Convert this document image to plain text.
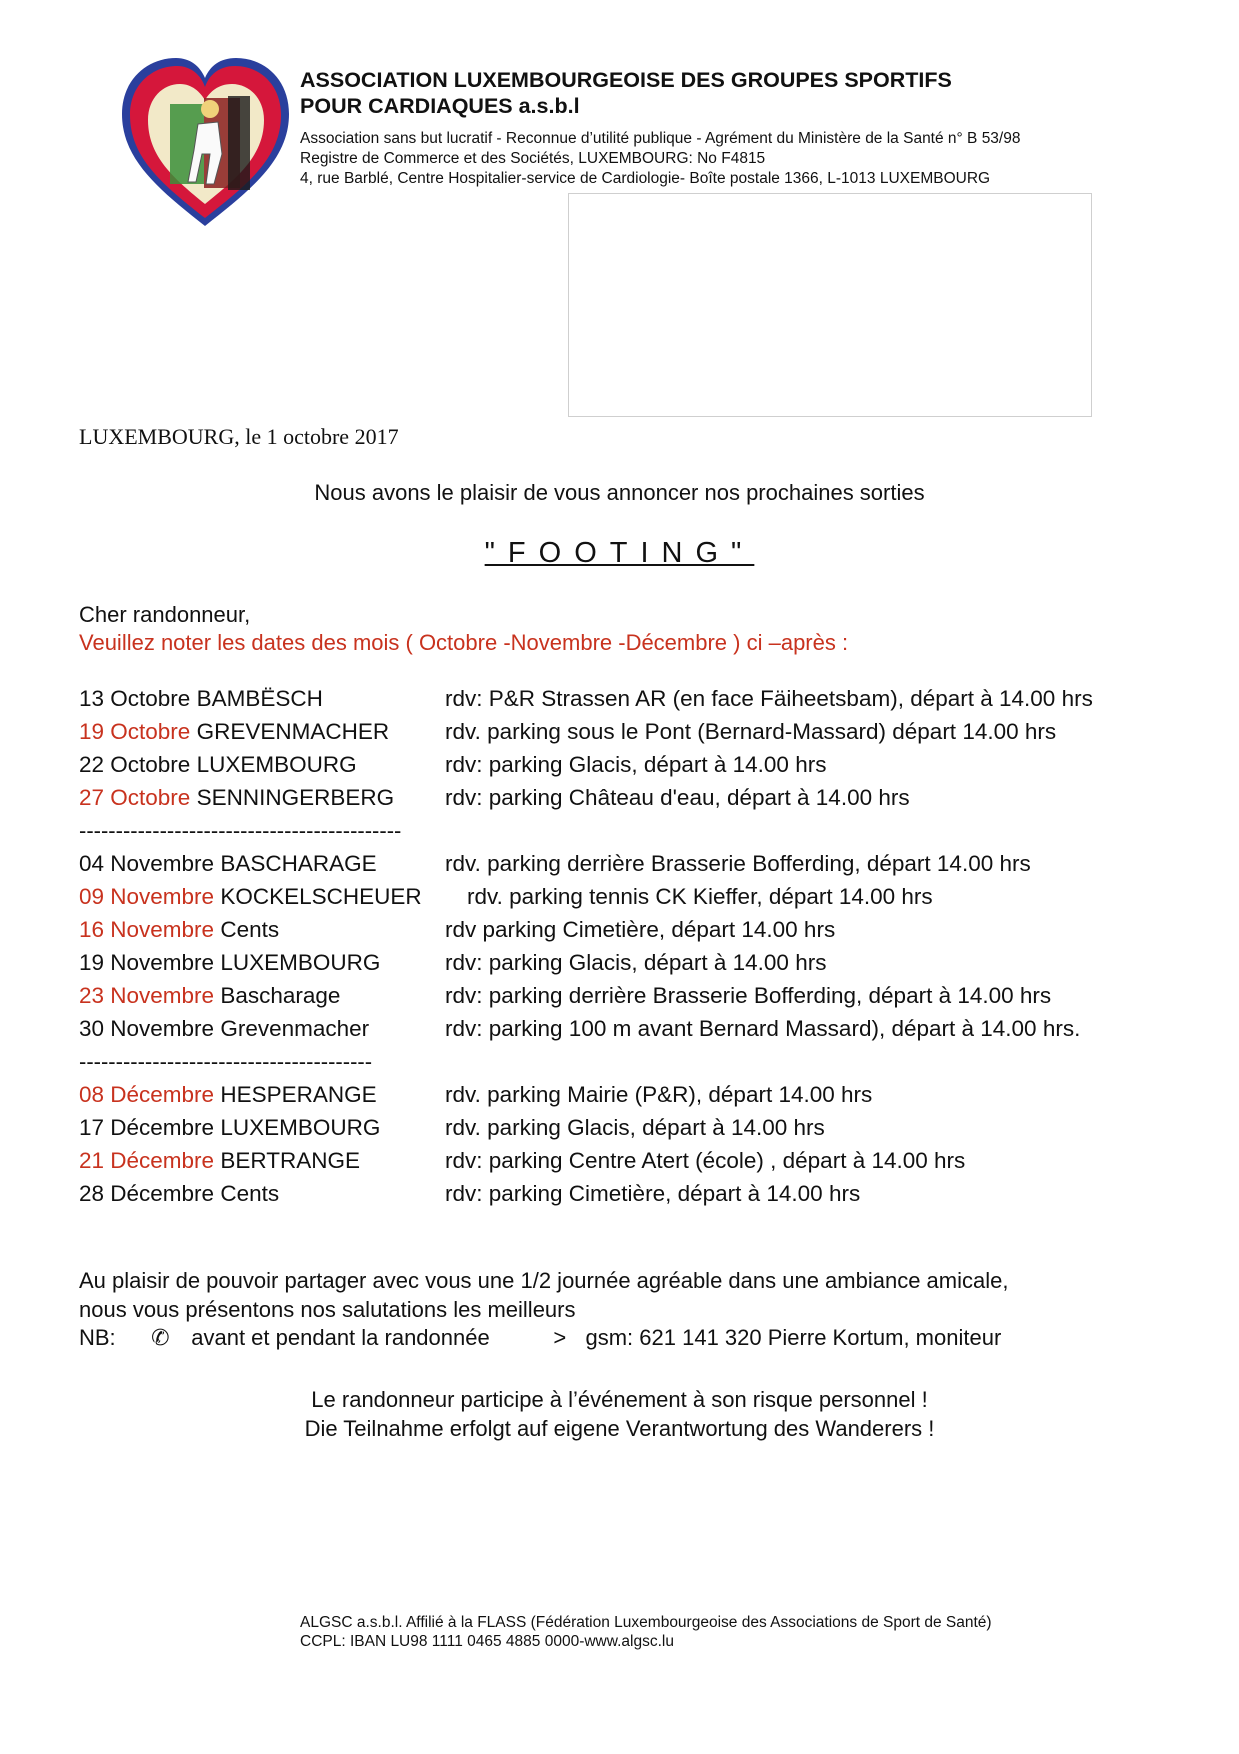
ASSOCIATION LUXEMBOURGEOISE DES GROUPES SPORTIFS
POUR CARDIAQUES a.s.b.l
Association sans but lucratif - Reconnue d’utilité publique - Agrément du Ministère de la Santé n° B 53/98
Registre de Commerce et des Sociétés, LUXEMBOURG: No F4815
4, rue Barblé, Centre Hospitalier-service de Cardiologie- Boîte postale 1366, L-1013 LUXEMBOURG
LUXEMBOURG, le 1 octobre 2017
Nous avons le plaisir de vous annoncer nos prochaines sorties
"FOOTING"
Cher randonneur,
Veuillez noter les dates des mois ( Octobre -Novembre -Décembre ) ci –après :
13 Octobre BAMBËSCH	rdv: P&R Strassen AR (en face Fäiheetsbam), départ à 14.00 hrs
19 Octobre GREVENMACHER rdv. parking sous le Pont (Bernard-Massard) départ 14.00 hrs
22 Octobre LUXEMBOURG	rdv: parking Glacis, départ à 14.00 hrs
27 Octobre SENNINGERBERG rdv: parking Château d'eau, départ à 14.00 hrs
--------------------------------------------
04 Novembre BASCHARAGE	rdv. parking derrière Brasserie Bofferding, départ 14.00 hrs
09 Novembre KOCKELSCHEUER rdv. parking tennis CK Kieffer, départ 14.00 hrs
16 Novembre Cents	rdv parking Cimetière, départ 14.00 hrs
19 Novembre LUXEMBOURG	rdv: parking Glacis, départ à 14.00 hrs
23 Novembre Bascharage	rdv: parking derrière Brasserie Bofferding, départ à 14.00 hrs
30 Novembre Grevenmacher	rdv: parking 100 m avant Bernard Massard), départ à 14.00 hrs.
----------------------------------------
08 Décembre HESPERANGE	rdv. parking Mairie (P&R), départ 14.00 hrs
17 Décembre LUXEMBOURG	rdv. parking Glacis, départ à 14.00 hrs
21 Décembre BERTRANGE	rdv: parking Centre Atert (école) , départ à 14.00 hrs
28 Décembre Cents	rdv: parking Cimetière, départ à 14.00 hrs
Au plaisir de pouvoir partager avec vous une 1/2 journée agréable dans une ambiance amicale,
nous vous présentons nos salutations les meilleurs
NB: ✆ avant et pendant la randonnée	> gsm: 621 141 320 Pierre Kortum, moniteur
Le randonneur participe à l’événement à son risque personnel !
Die Teilnahme erfolgt auf eigene Verantwortung des Wanderers !
ALGSC a.s.b.l. Affilié à la FLASS (Fédération Luxembourgeoise des Associations de Sport de Santé)
CCPL: IBAN LU98 1111 0465 4885 0000-www.algsc.lu
